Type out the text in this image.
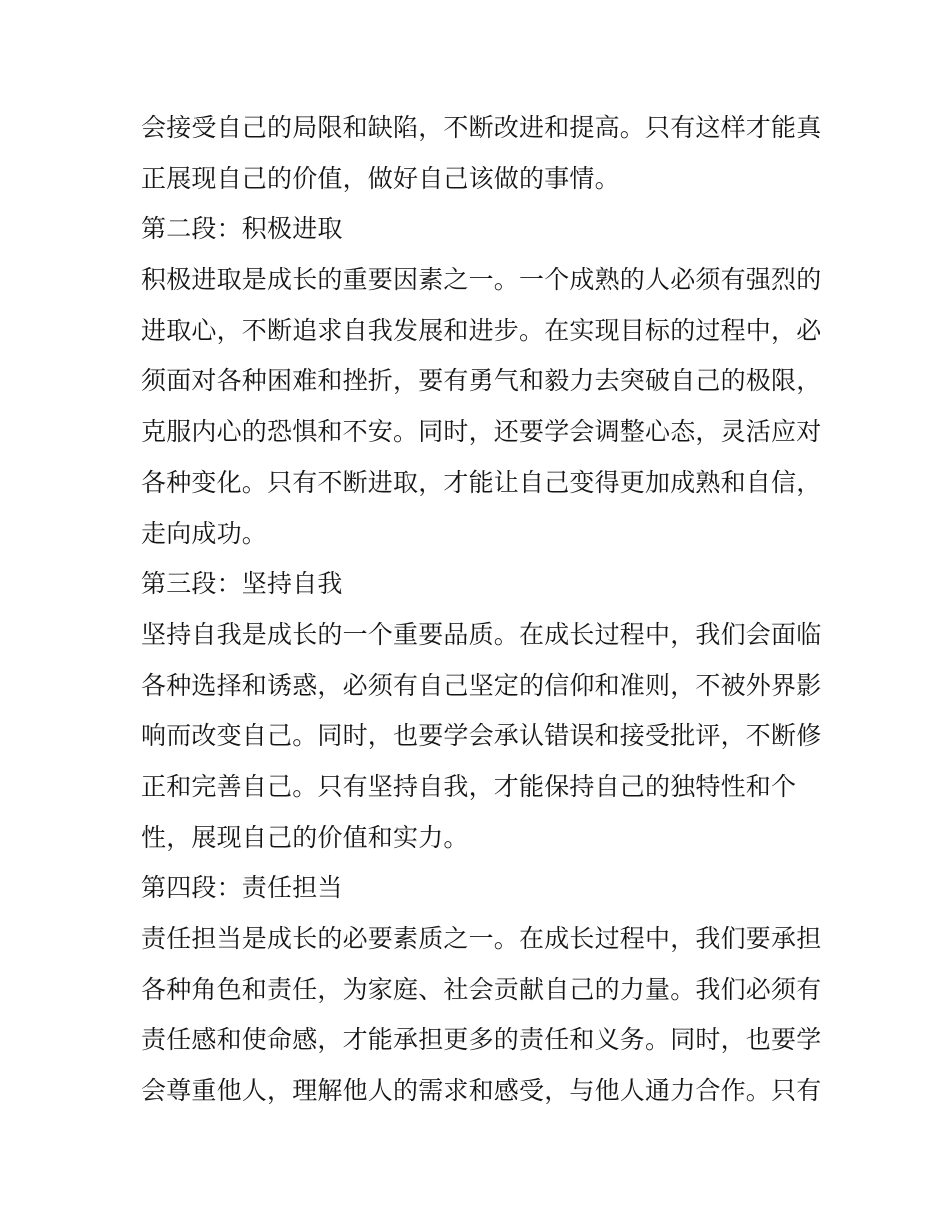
会接受自己的局限和缺陷，不断改进和提高。只有这样才能真
正展现自己的价值，做好自己该做的事情。
第二段：积极进取
积极进取是成长的重要因素之一。一个成熟的人必须有强烈的
进取心，不断追求自我发展和进步。在实现目标的过程中，必
须面对各种困难和挫折，要有勇气和毅力去突破自己的极限，
克服内心的恐惧和不安。同时，还要学会调整心态，灵活应对
各种变化。只有不断进取，才能让自己变得更加成熟和自信，
走向成功。
第三段：坚持自我
坚持自我是成长的一个重要品质。在成长过程中，我们会面临
各种选择和诱惑，必须有自己坚定的信仰和准则，不被外界影
响而改变自己。同时，也要学会承认错误和接受批评，不断修
正和完善自己。只有坚持自我，才能保持自己的独特性和个
性，展现自己的价值和实力。
第四段：责任担当
责任担当是成长的必要素质之一。在成长过程中，我们要承担
各种角色和责任，为家庭、社会贡献自己的力量。我们必须有
责任感和使命感，才能承担更多的责任和义务。同时，也要学
会尊重他人，理解他人的需求和感受，与他人通力合作。只有
